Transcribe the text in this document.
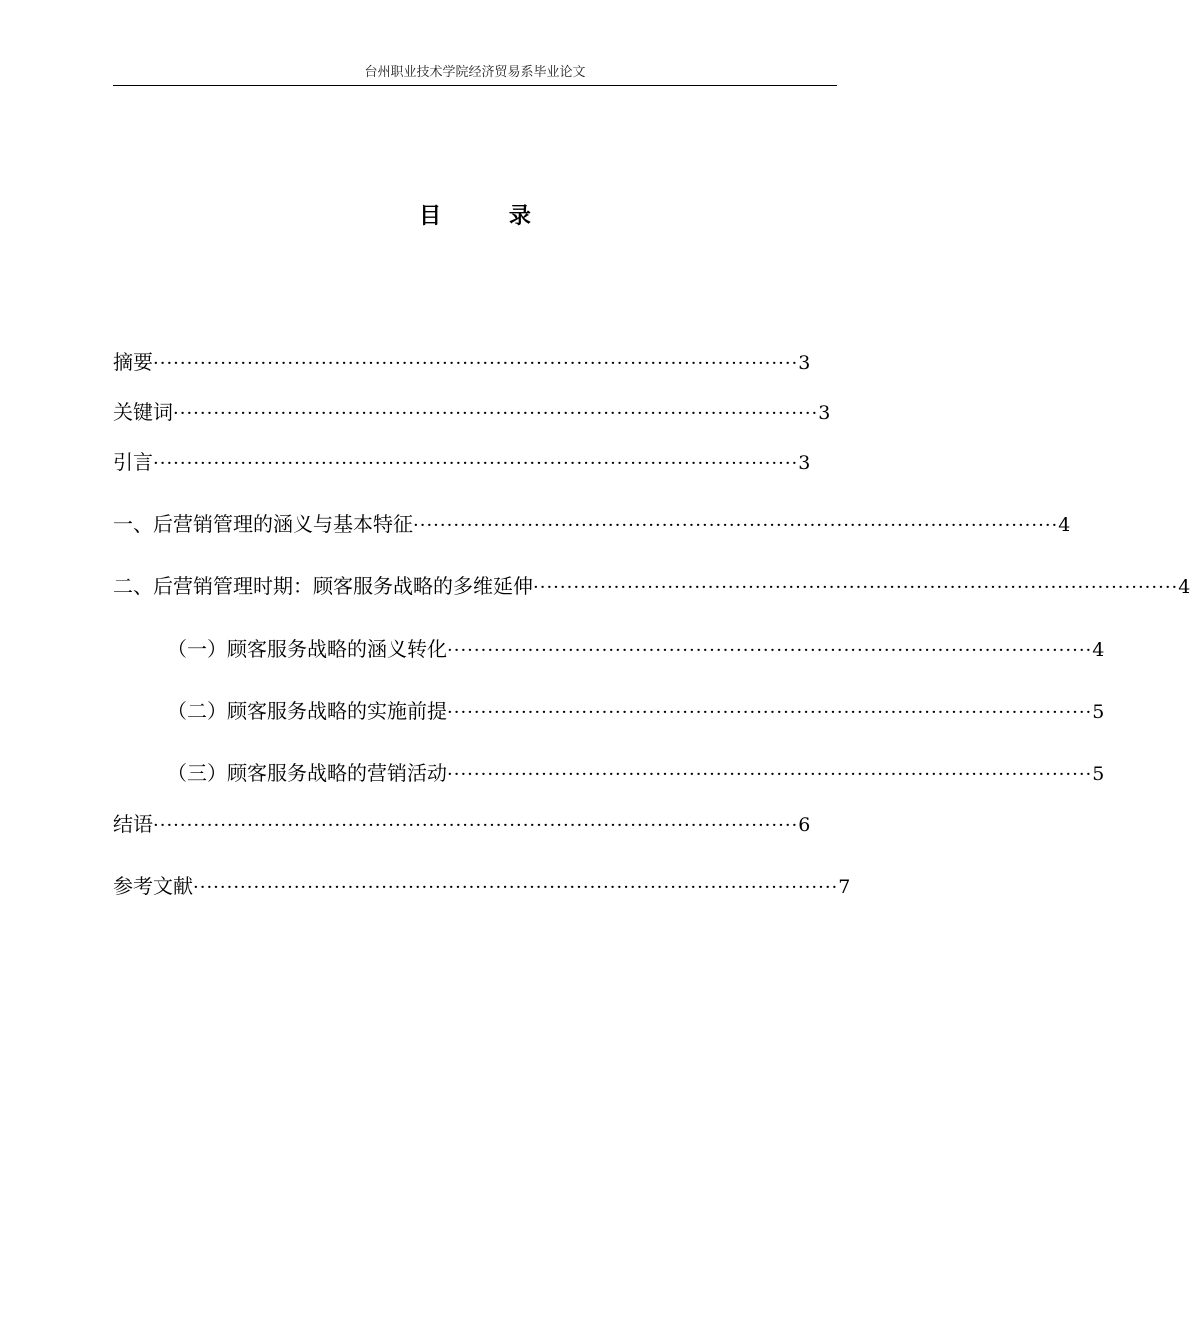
台州职业技术学院经济贸易系毕业论文
目 录
摘要 ································································································ 3
关键词 ································································································ 3
引言 ································································································ 3
一、后营销管理的涵义与基本特征 ································································································ 4
二、后营销管理时期：顾客服务战略的多维延伸 ································································································ 4
（一）顾客服务战略的涵义转化 ································································································ 4
（二）顾客服务战略的实施前提 ································································································ 5
（三）顾客服务战略的营销活动 ································································································ 5
结语 ································································································ 6
参考文献 ································································································ 7
